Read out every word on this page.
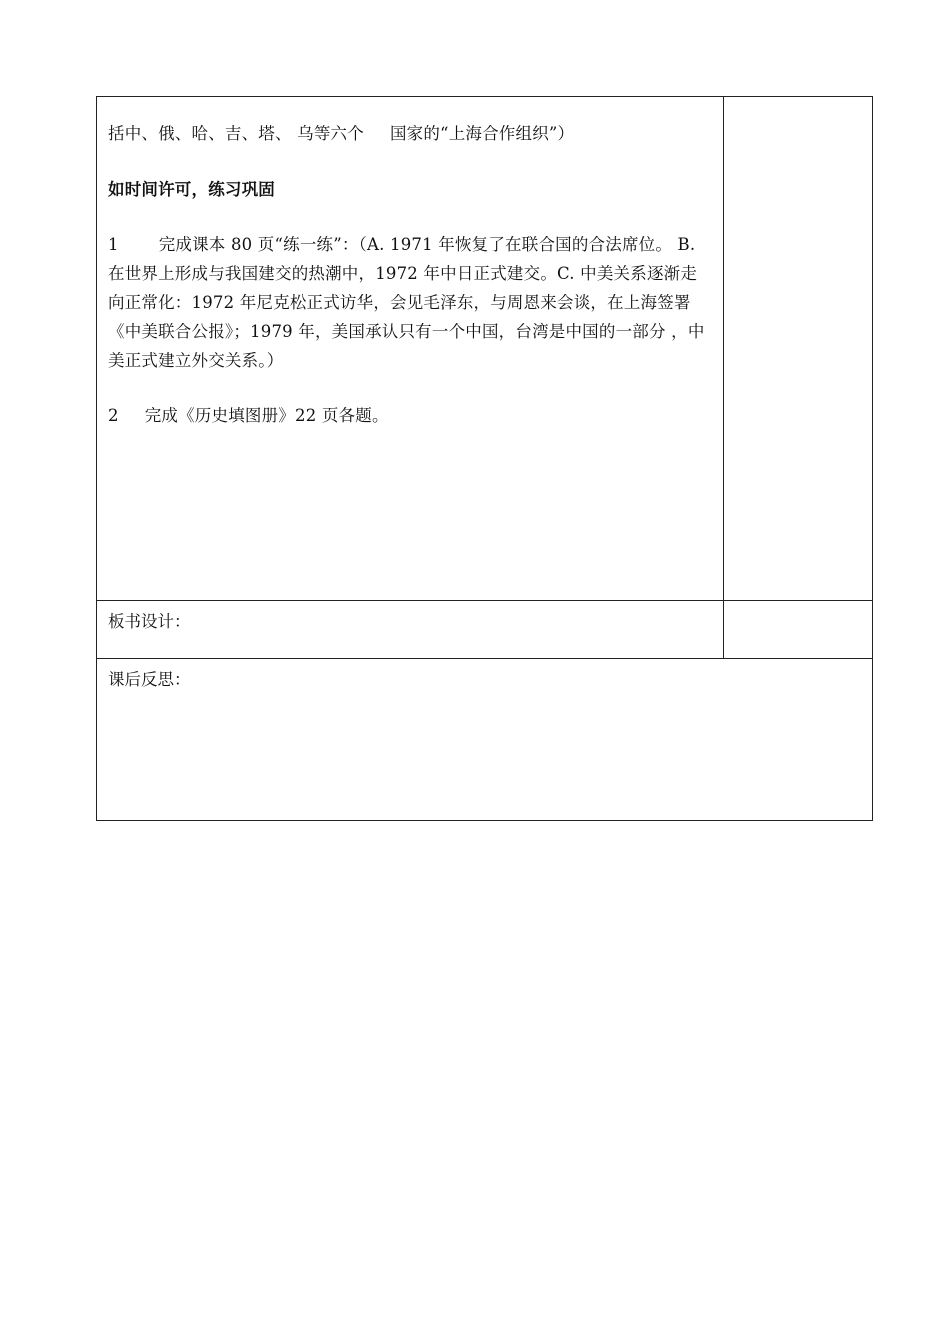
括中、俄、哈、吉、塔、 乌等六个 国家的“上海合作组织”）

如时间许可，练习巩固

1 完成课本 80 页“练一练”：（A. 1971 年恢复了在联合国的合法席位。 B. 在世界上形成与我国建交的热潮中，1972 年中日正式建交。C. 中美关系逐渐走向正常化：1972 年尼克松正式访华，会见毛泽东，与周恩来会谈，在上海签署《中美联合公报》；1979 年，美国承认只有一个中国，台湾是中国的一部分 ，中美正式建立外交关系。）

2 完成《历史填图册》22 页各题。	

板书设计：	

课后反思：	
